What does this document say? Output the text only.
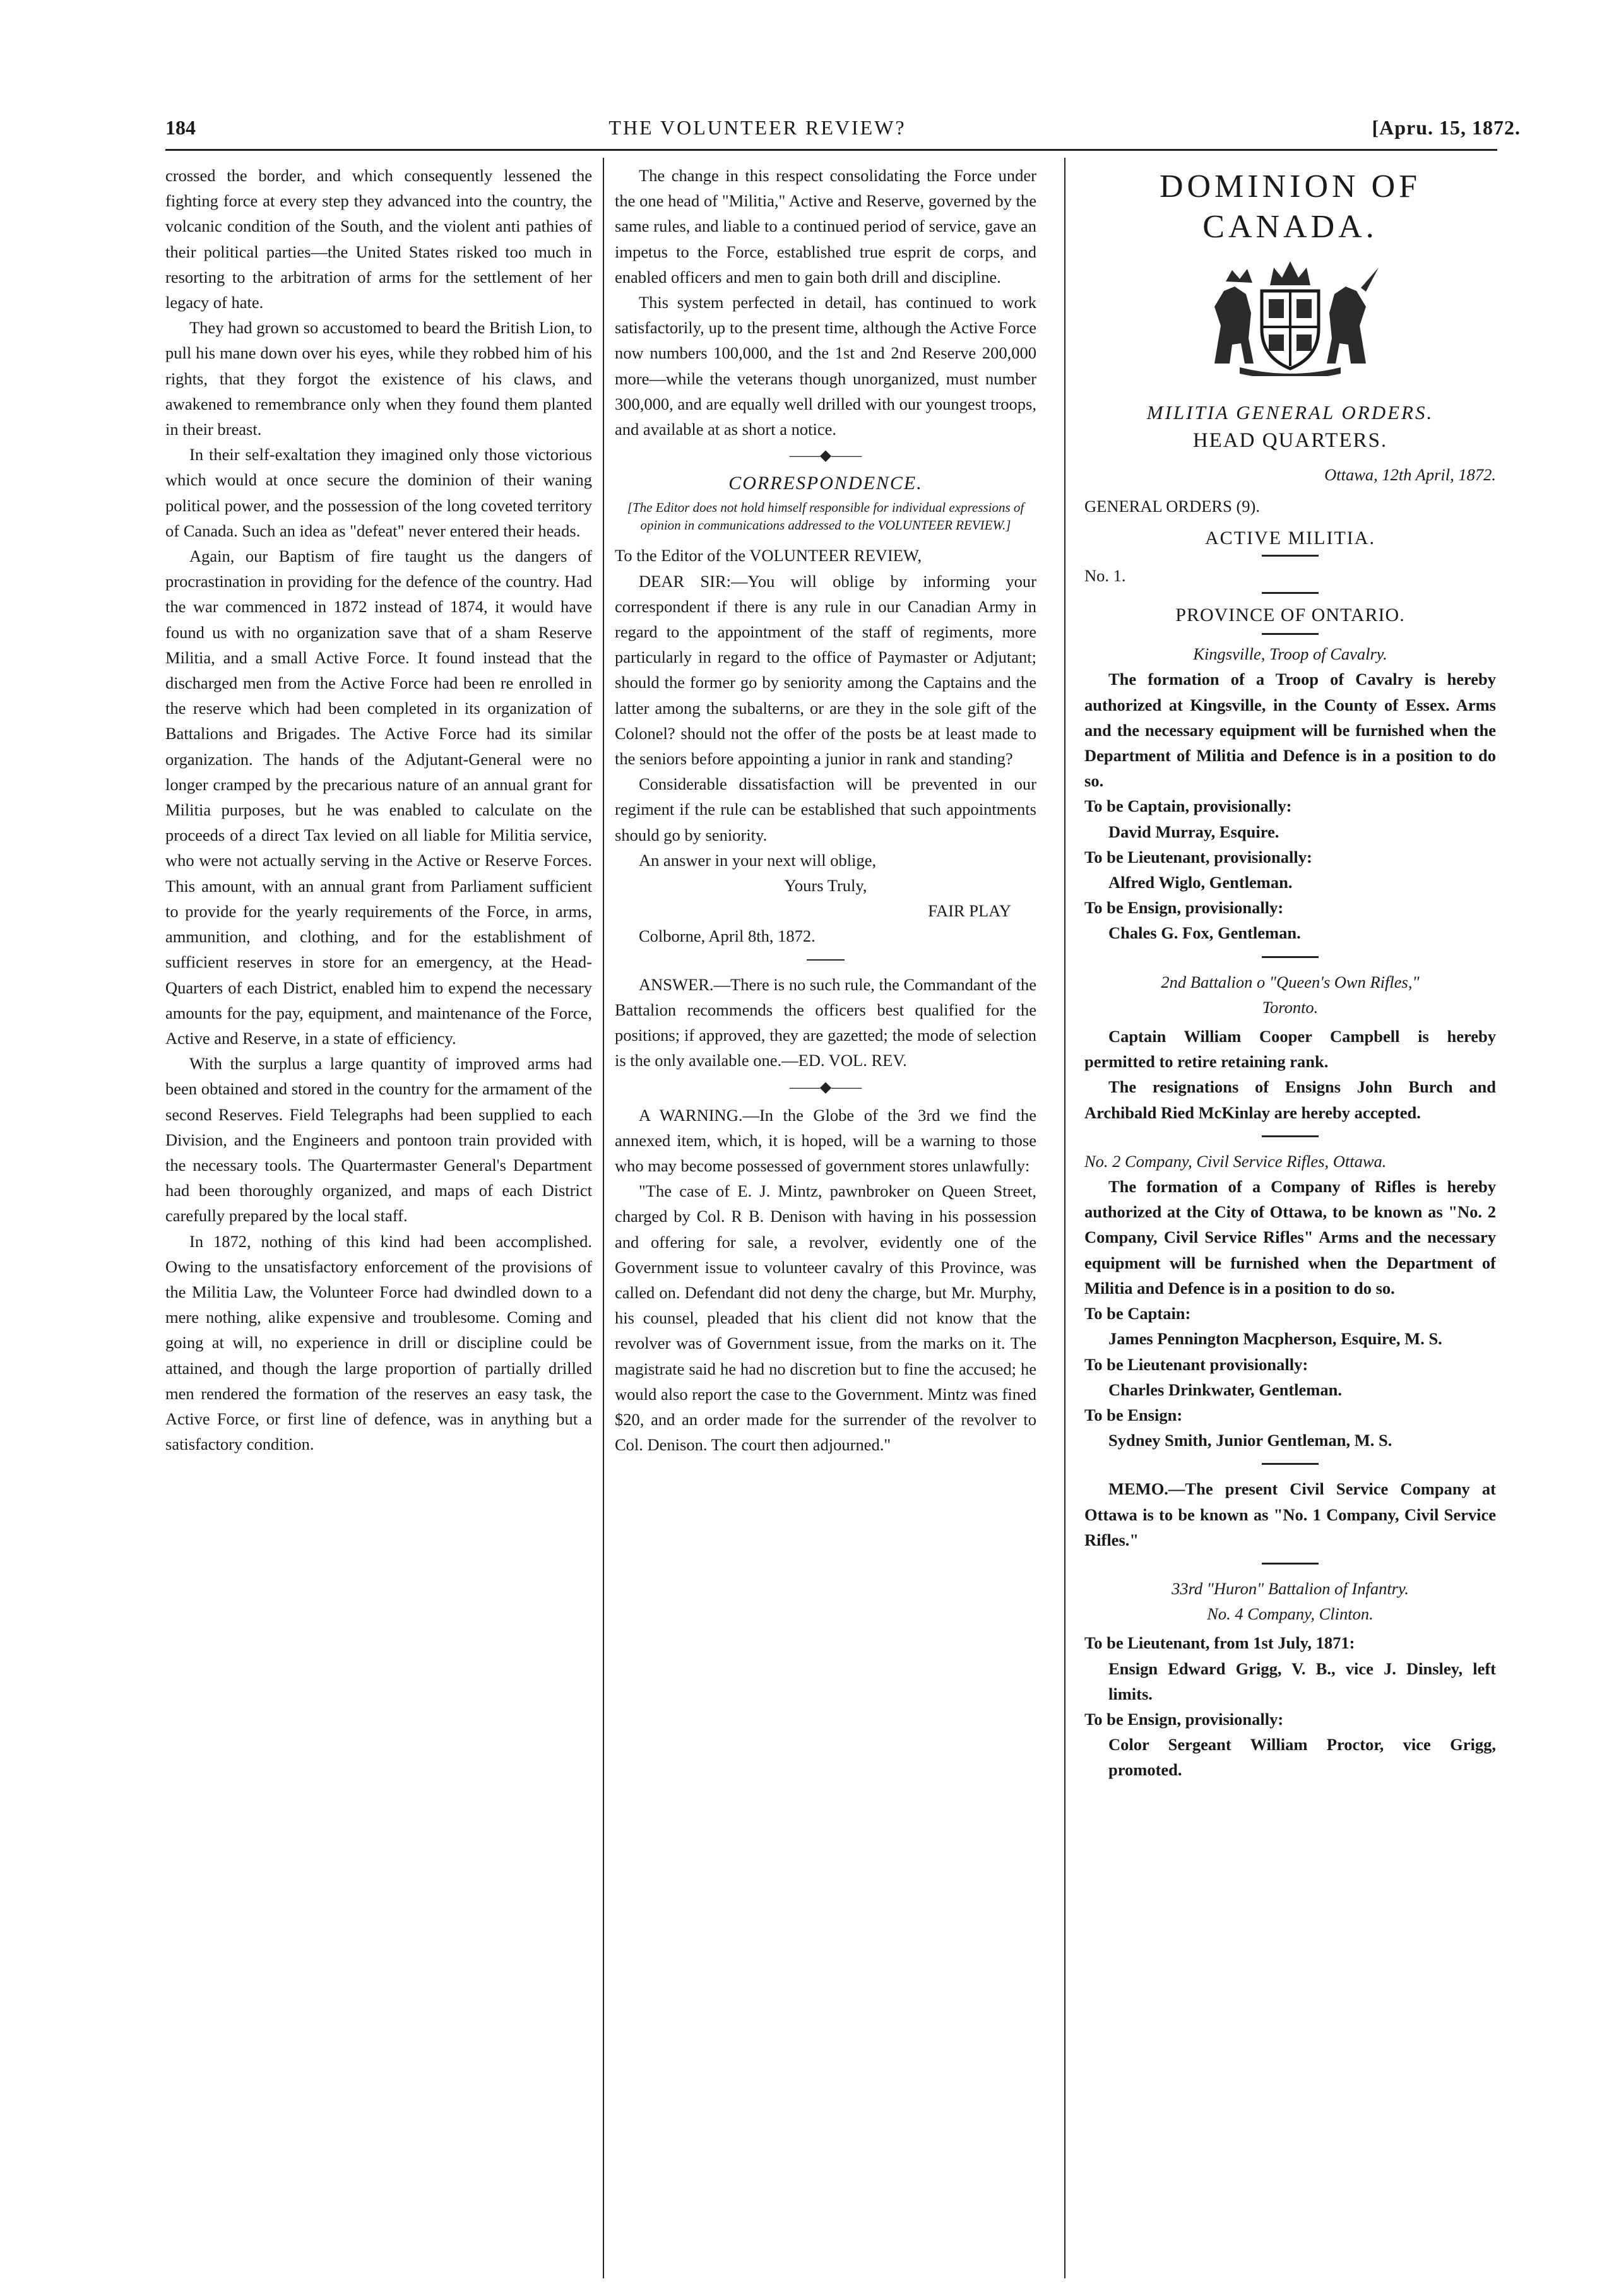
184	THE VOLUNTEER REVIEW?	[Apru. 15, 1872.

crossed the border, and which consequently lessened the fighting force at every step they advanced into the country, the volcanic condition of the South, and the violent anti pathies of their political parties—the United States risked too much in resorting to the arbitration of arms for the settlement of her legacy of hate.

They had grown so accustomed to beard the British Lion, to pull his mane down over his eyes, while they robbed him of his rights, that they forgot the existence of his claws, and awakened to remembrance only when they found them planted in their breast.

In their self-exaltation they imagined only those victorious which would at once secure the dominion of their waning political power, and the possession of the long coveted territory of Canada. Such an idea as "defeat" never entered their heads.

Again, our Baptism of fire taught us the dangers of procrastination in providing for the defence of the country. Had the war commenced in 1872 instead of 1874, it would have found us with no organization save that of a sham Reserve Militia, and a small Active Force. It found instead that the discharged men from the Active Force had been re enrolled in the reserve which had been completed in its organization of Battalions and Brigades. The Active Force had its similar organization. The hands of the Adjutant-General were no longer cramped by the precarious nature of an annual grant for Militia purposes, but he was enabled to calculate on the proceeds of a direct Tax levied on all liable for Militia service, who were not actually serving in the Active or Reserve Forces. This amount, with an annual grant from Parliament sufficient to provide for the yearly requirements of the Force, in arms, ammunition, and clothing, and for the establishment of sufficient reserves in store for an emergency, at the Head-Quarters of each District, enabled him to expend the necessary amounts for the pay, equipment, and maintenance of the Force, Active and Reserve, in a state of efficiency.

With the surplus a large quantity of improved arms had been obtained and stored in the country for the armament of the second Reserves. Field Telegraphs had been supplied to each Division, and the Engineers and pontoon train provided with the necessary tools. The Quartermaster General's Department had been thoroughly organized, and maps of each District carefully prepared by the local staff.

In 1872, nothing of this kind had been accomplished. Owing to the unsatisfactory enforcement of the provisions of the Militia Law, the Volunteer Force had dwindled down to a mere nothing, alike expensive and troublesome. Coming and going at will, no experience in drill or discipline could be attained, and though the large proportion of partially drilled men rendered the formation of the reserves an easy task, the Active Force, or first line of defence, was in anything but a satisfactory condition.

The change in this respect consolidating the Force under the one head of "Militia," Active and Reserve, governed by the same rules, and liable to a continued period of service, gave an impetus to the Force, established true esprit de corps, and enabled officers and men to gain both drill and discipline.

This system perfected in detail, has continued to work satisfactorily, up to the present time, although the Active Force now numbers 100,000, and the 1st and 2nd Reserve 200,000 more—while the veterans though unorganized, must number 300,000, and are equally well drilled with our youngest troops, and available at as short a notice.

——◆——

CORRESPONDENCE.

[The Editor does not hold himself responsible for individual expressions of opinion in communications addressed to the VOLUNTEER REVIEW.]

To the Editor of the VOLUNTEER REVIEW,

DEAR SIR:—You will oblige by informing your correspondent if there is any rule in our Canadian Army in regard to the appointment of the staff of regiments, more particularly in regard to the office of Paymaster or Adjutant; should the former go by seniority among the Captains and the latter among the subalterns, or are they in the sole gift of the Colonel? should not the offer of the posts be at least made to the seniors before appointing a junior in rank and standing?

Considerable dissatisfaction will be prevented in our regiment if the rule can be established that such appointments should go by seniority.

An answer in your next will oblige,

Yours Truly,

FAIR PLAY

Colborne, April 8th, 1872.

ANSWER.—There is no such rule, the Commandant of the Battalion recommends the officers best qualified for the positions; if approved, they are gazetted; the mode of selection is the only available one.—ED. VOL. REV.

——◆——

A WARNING.—In the Globe of the 3rd we find the annexed item, which, it is hoped, will be a warning to those who may become possessed of government stores unlawfully:

"The case of E. J. Mintz, pawnbroker on Queen Street, charged by Col. R B. Denison with having in his possession and offering for sale, a revolver, evidently one of the Government issue to volunteer cavalry of this Province, was called on. Defendant did not deny the charge, but Mr. Murphy, his counsel, pleaded that his client did not know that the revolver was of Government issue, from the marks on it. The magistrate said he had no discretion but to fine the accused; he would also report the case to the Government. Mintz was fined $20, and an order made for the surrender of the revolver to Col. Denison. The court then adjourned."

DOMINION OF CANADA.

MILITIA GENERAL ORDERS.

HEAD QUARTERS.

Ottawa, 12th April, 1872.

GENERAL ORDERS (9).

ACTIVE MILITIA.

No. 1.

PROVINCE OF ONTARIO.

Kingsville, Troop of Cavalry.

The formation of a Troop of Cavalry is hereby authorized at Kingsville, in the County of Essex. Arms and the necessary equipment will be furnished when the Department of Militia and Defence is in a position to do so.

To be Captain, provisionally:

David Murray, Esquire.

To be Lieutenant, provisionally:

Alfred Wiglo, Gentleman.

To be Ensign, provisionally:

Chales G. Fox, Gentleman.

2nd Battalion o "Queen's Own Rifles,"

Toronto.

Captain William Cooper Campbell is hereby permitted to retire retaining rank.

The resignations of Ensigns John Burch and Archibald Ried McKinlay are hereby accepted.

No. 2 Company, Civil Service Rifles, Ottawa.

The formation of a Company of Rifles is hereby authorized at the City of Ottawa, to be known as "No. 2 Company, Civil Service Rifles" Arms and the necessary equipment will be furnished when the Department of Militia and Defence is in a position to do so.

To be Captain:

James Pennington Macpherson, Esquire, M. S.

To be Lieutenant provisionally:

Charles Drinkwater, Gentleman.

To be Ensign:

Sydney Smith, Junior Gentleman, M. S.

MEMO.—The present Civil Service Company at Ottawa is to be known as "No. 1 Company, Civil Service Rifles."

33rd "Huron" Battalion of Infantry.

No. 4 Company, Clinton.

To be Lieutenant, from 1st July, 1871:

Ensign Edward Grigg, V. B., vice J. Dinsley, left limits.

To be Ensign, provisionally:

Color Sergeant William Proctor, vice Grigg, promoted.
